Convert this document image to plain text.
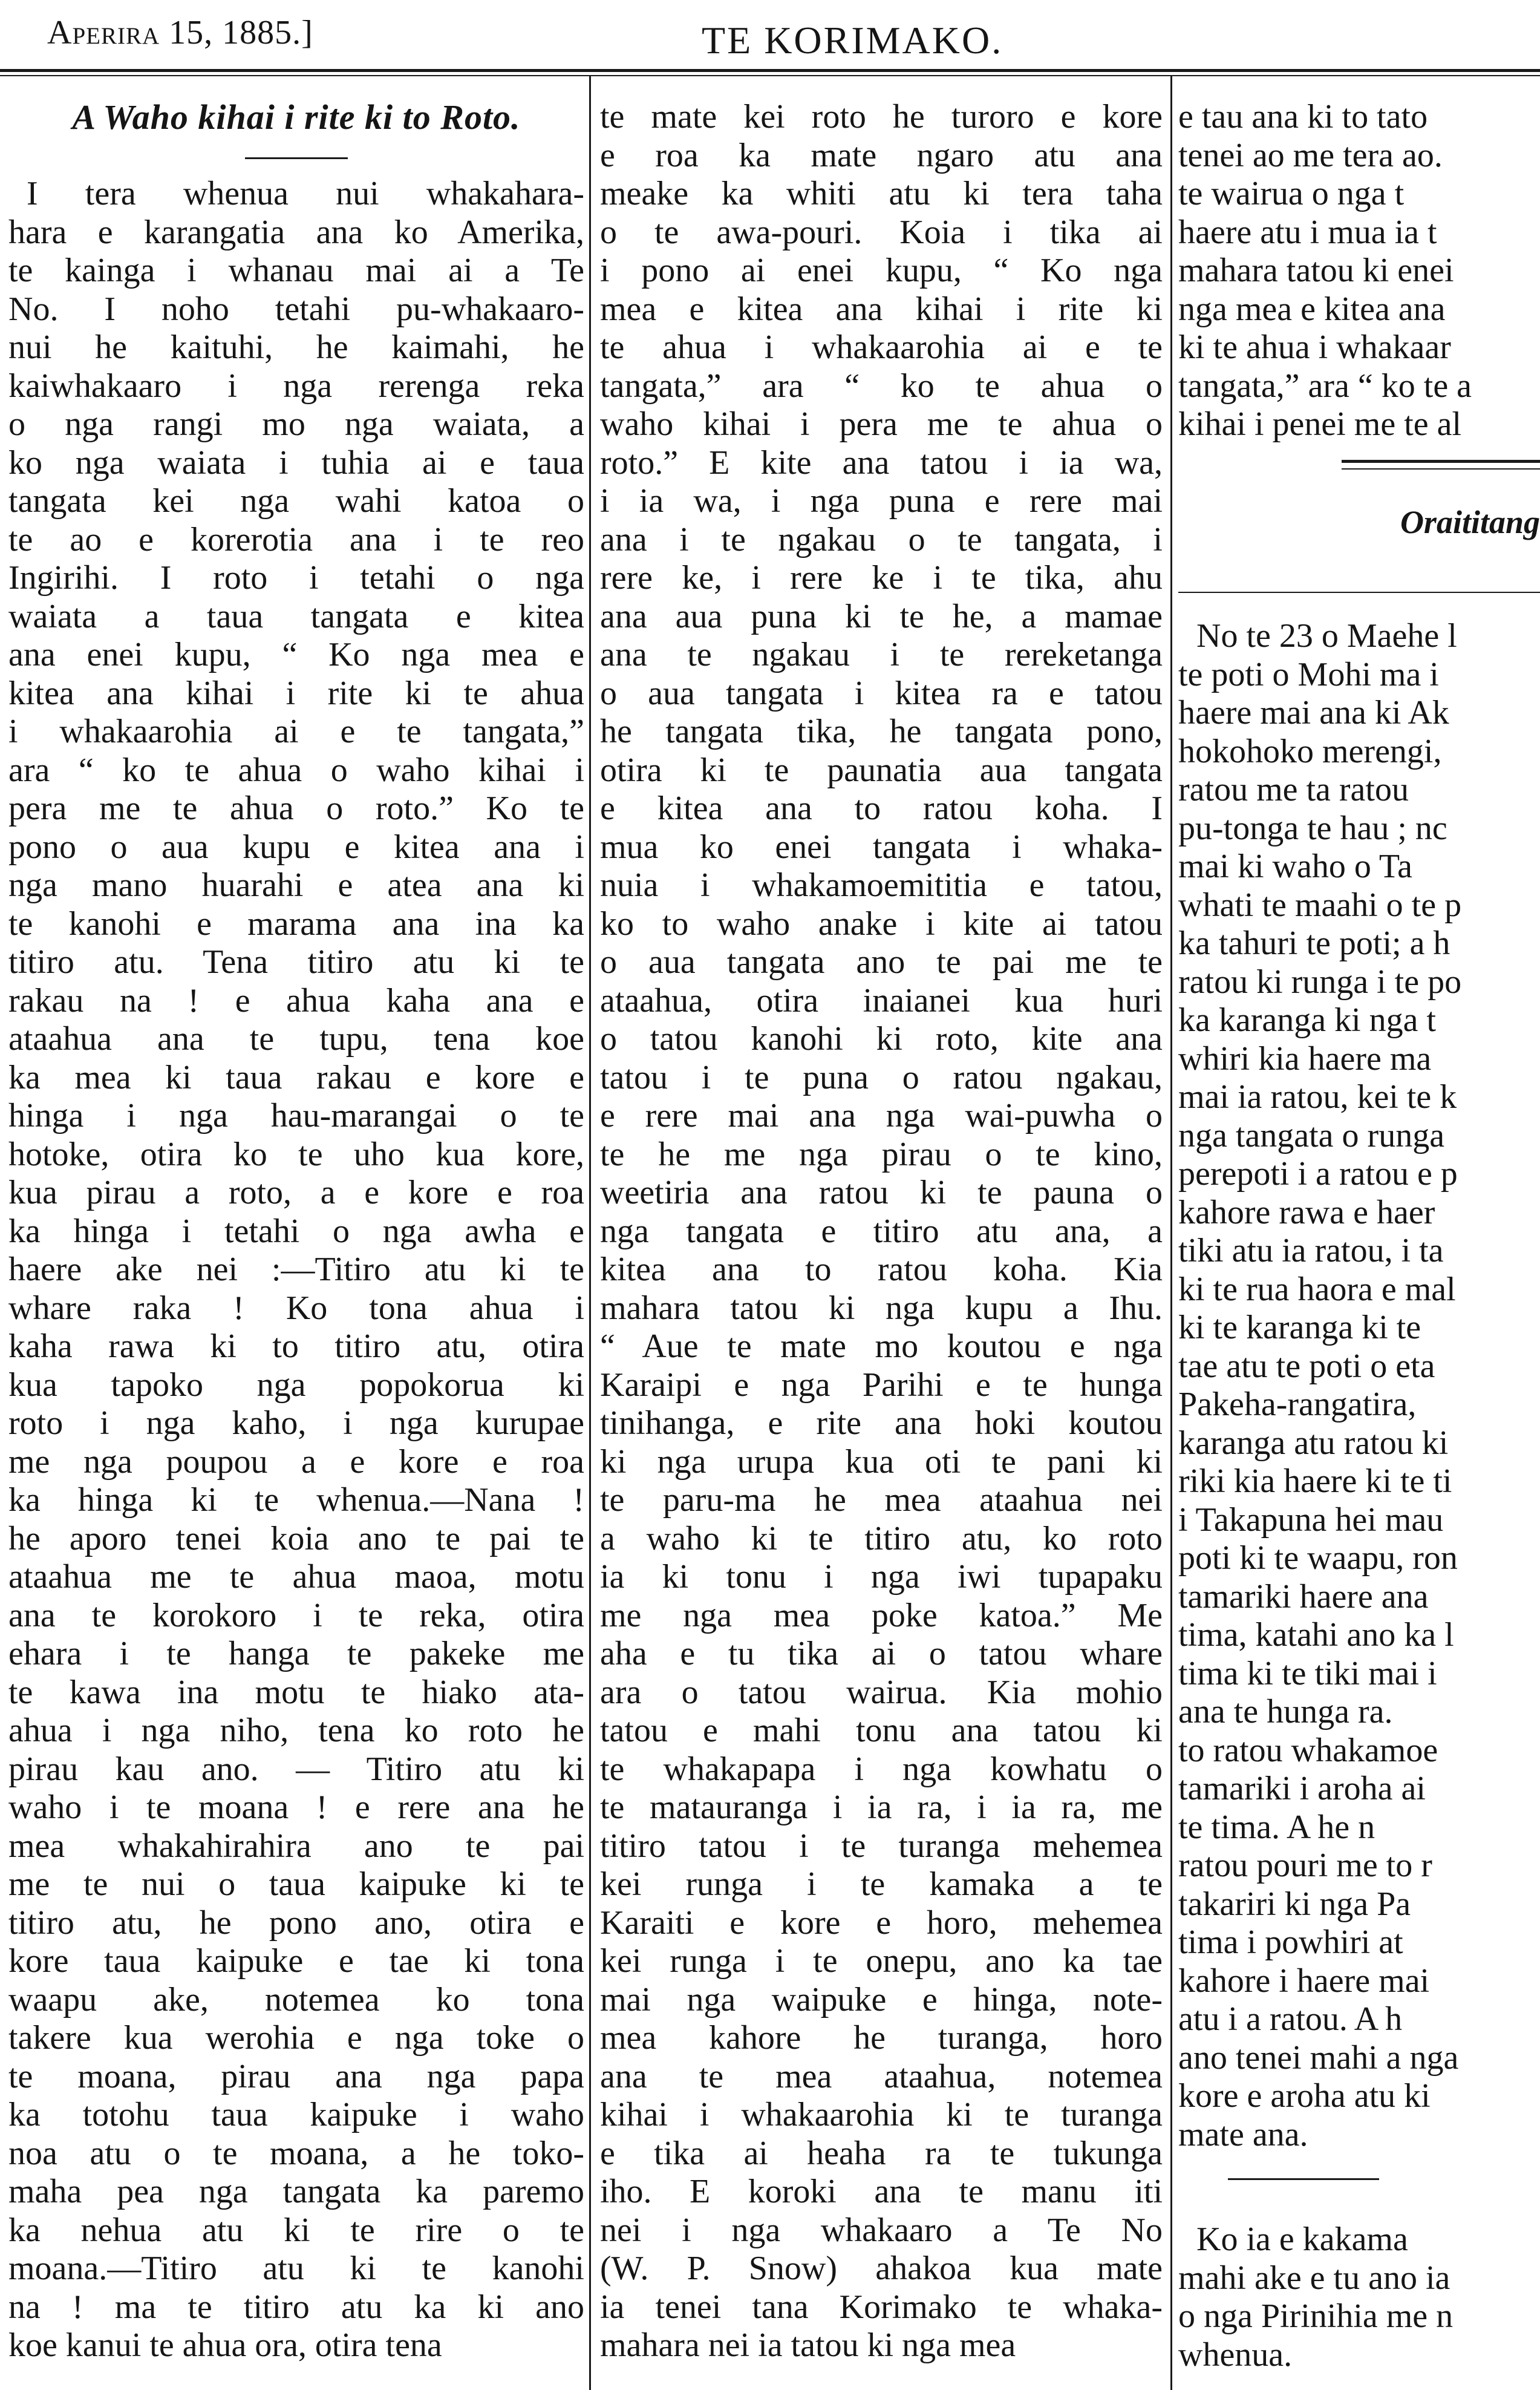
Aperira 15, 1885.]	TE KORIMAKO.

A Waho kihai i rite ki to Roto.

I tera whenua nui whakahara-

hara e karangatia ana ko Amerika,

te kainga i whanau mai ai a Te

No. I noho tetahi pu-whakaaro-

nui he kaituhi, he kaimahi, he

kaiwhakaaro i nga rerenga reka

o nga rangi mo nga waiata, a

ko nga waiata i tuhia ai e taua

tangata kei nga wahi katoa o

te ao e korerotia ana i te reo

Ingirihi. I roto i tetahi o nga

waiata a taua tangata e kitea

ana enei kupu, “ Ko nga mea e

kitea ana kihai i rite ki te ahua

i whakaarohia ai e te tangata,”

ara “ ko te ahua o waho kihai i

pera me te ahua o roto.” Ko te

pono o aua kupu e kitea ana i

nga mano huarahi e atea ana ki

te kanohi e marama ana ina ka

titiro atu. Tena titiro atu ki te

rakau na ! e ahua kaha ana e

ataahua ana te tupu, tena koe

ka mea ki taua rakau e kore e

hinga i nga hau-marangai o te

hotoke, otira ko te uho kua kore,

kua pirau a roto, a e kore e roa

ka hinga i tetahi o nga awha e

haere ake nei :—Titiro atu ki te

whare raka ! Ko tona ahua i

kaha rawa ki to titiro atu, otira

kua tapoko nga popokorua ki

roto i nga kaho, i nga kurupae

me nga poupou a e kore e roa

ka hinga ki te whenua.—Nana !

he aporo tenei koia ano te pai te

ataahua me te ahua maoa, motu

ana te korokoro i te reka, otira

ehara i te hanga te pakeke me

te kawa ina motu te hiako ata-

ahua i nga niho, tena ko roto he

pirau kau ano. — Titiro atu ki

waho i te moana ! e rere ana he

mea whakahirahira ano te pai

me te nui o taua kaipuke ki te

titiro atu, he pono ano, otira e

kore taua kaipuke e tae ki tona

waapu ake, notemea ko tona

takere kua werohia e nga toke o

te moana, pirau ana nga papa

ka totohu taua kaipuke i waho

noa atu o te moana, a he toko-

maha pea nga tangata ka paremo

ka nehua atu ki te rire o te

moana.—Titiro atu ki te kanohi

na ! ma te titiro atu ka ki ano

koe kanui te ahua ora, otira tena

te mate kei roto he turoro e kore

e roa ka mate ngaro atu ana

meake ka whiti atu ki tera taha

o te awa-pouri. Koia i tika ai

i pono ai enei kupu, “ Ko nga

mea e kitea ana kihai i rite ki

te ahua i whakaarohia ai e te

tangata,” ara “ ko te ahua o

waho kihai i pera me te ahua o

roto.” E kite ana tatou i ia wa,

i ia wa, i nga puna e rere mai

ana i te ngakau o te tangata, i

rere ke, i rere ke i te tika, ahu

ana aua puna ki te he, a mamae

ana te ngakau i te rereketanga

o aua tangata i kitea ra e tatou

he tangata tika, he tangata pono,

otira ki te paunatia aua tangata

e kitea ana to ratou koha. I

mua ko enei tangata i whaka-

nuia i whakamoemititia e tatou,

ko to waho anake i kite ai tatou

o aua tangata ano te pai me te

ataahua, otira inaianei kua huri

o tatou kanohi ki roto, kite ana

tatou i te puna o ratou ngakau,

e rere mai ana nga wai-puwha o

te he me nga pirau o te kino,

weetiria ana ratou ki te pauna o

nga tangata e titiro atu ana, a

kitea ana to ratou koha. Kia

mahara tatou ki nga kupu a Ihu.

“ Aue te mate mo koutou e nga

Karaipi e nga Parihi e te hunga

tinihanga, e rite ana hoki koutou

ki nga urupa kua oti te pani ki

te paru-ma he mea ataahua nei

a waho ki te titiro atu, ko roto

ia ki tonu i nga iwi tupapaku

me nga mea poke katoa.” Me

aha e tu tika ai o tatou whare

ara o tatou wairua. Kia mohio

tatou e mahi tonu ana tatou ki

te whakapapa i nga kowhatu o

te matauranga i ia ra, i ia ra, me

titiro tatou i te turanga mehemea

kei runga i te kamaka a te

Karaiti e kore e horo, mehemea

kei runga i te onepu, ano ka tae

mai nga waipuke e hinga, note-

mea kahore he turanga, horo

ana te mea ataahua, notemea

kihai i whakaarohia ki te turanga

e tika ai heaha ra te tukunga

iho. E koroki ana te manu iti

nei i nga whakaaro a Te No

(W. P. Snow) ahakoa kua mate

ia tenei tana Korimako te whaka-

mahara nei ia tatou ki nga mea

e tau ana ki to tato

tenei ao me tera ao.

te wairua o nga t

haere atu i mua ia t

mahara tatou ki enei

nga mea e kitea ana

ki te ahua i whakaar

tangata,” ara “ ko te a

kihai i penei me te al

Oraititang

No te 23 o Maehe l

te poti o Mohi ma i

haere mai ana ki Ak

hokohoko merengi,

ratou me ta ratou

pu-tonga te hau ; nc

mai ki waho o Ta

whati te maahi o te p

ka tahuri te poti; a h

ratou ki runga i te po

ka karanga ki nga t

whiri kia haere ma

mai ia ratou, kei te k

nga tangata o runga

perepoti i a ratou e p

kahore rawa e haer

tiki atu ia ratou, i ta

ki te rua haora e mal

ki te karanga ki te

tae atu te poti o eta

Pakeha-rangatira,

karanga atu ratou ki

riki kia haere ki te ti

i Takapuna hei mau

poti ki te waapu, ron

tamariki haere ana

tima, katahi ano ka l

tima ki te tiki mai i

ana te hunga ra.

to ratou whakamoe

tamariki i aroha ai

te tima. A he n

ratou pouri me to r

takariri ki nga Pa

tima i powhiri at

kahore i haere mai

atu i a ratou. A h

ano tenei mahi a nga

kore e aroha atu ki

mate ana.

Ko ia e kakama

mahi ake e tu ano ia

o nga Pirinihia me n

whenua.
